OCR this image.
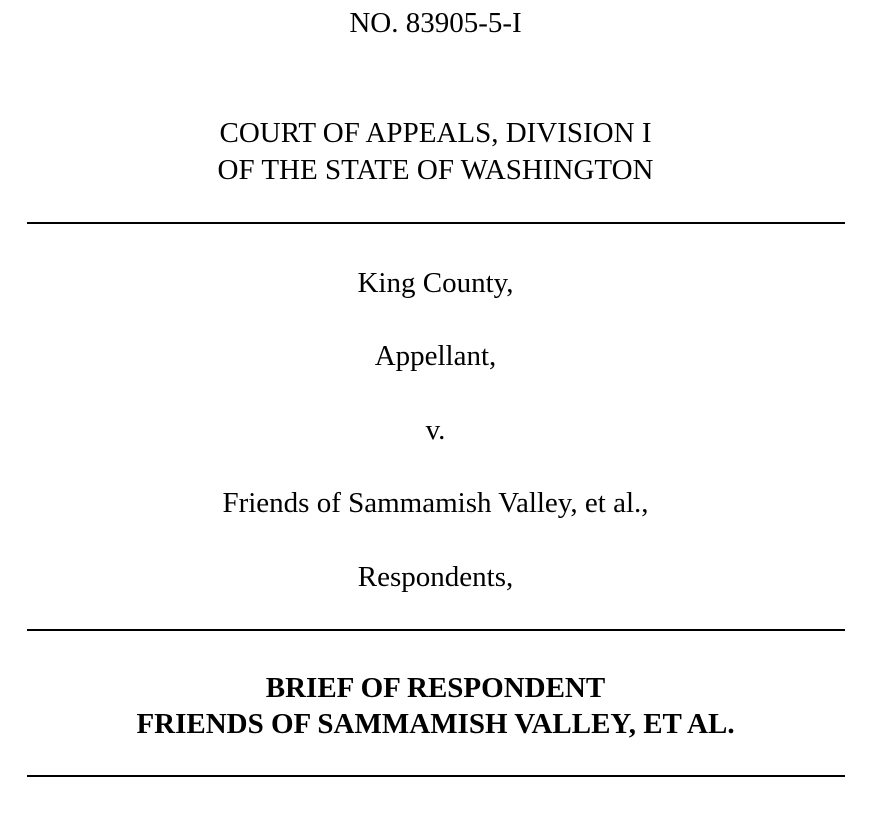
NO. 83905-5-I
COURT OF APPEALS, DIVISION I
OF THE STATE OF WASHINGTON
King County,
Appellant,
v.
Friends of Sammamish Valley, et al.,
Respondents,
BRIEF OF RESPONDENT
FRIENDS OF SAMMAMISH VALLEY, ET AL.
